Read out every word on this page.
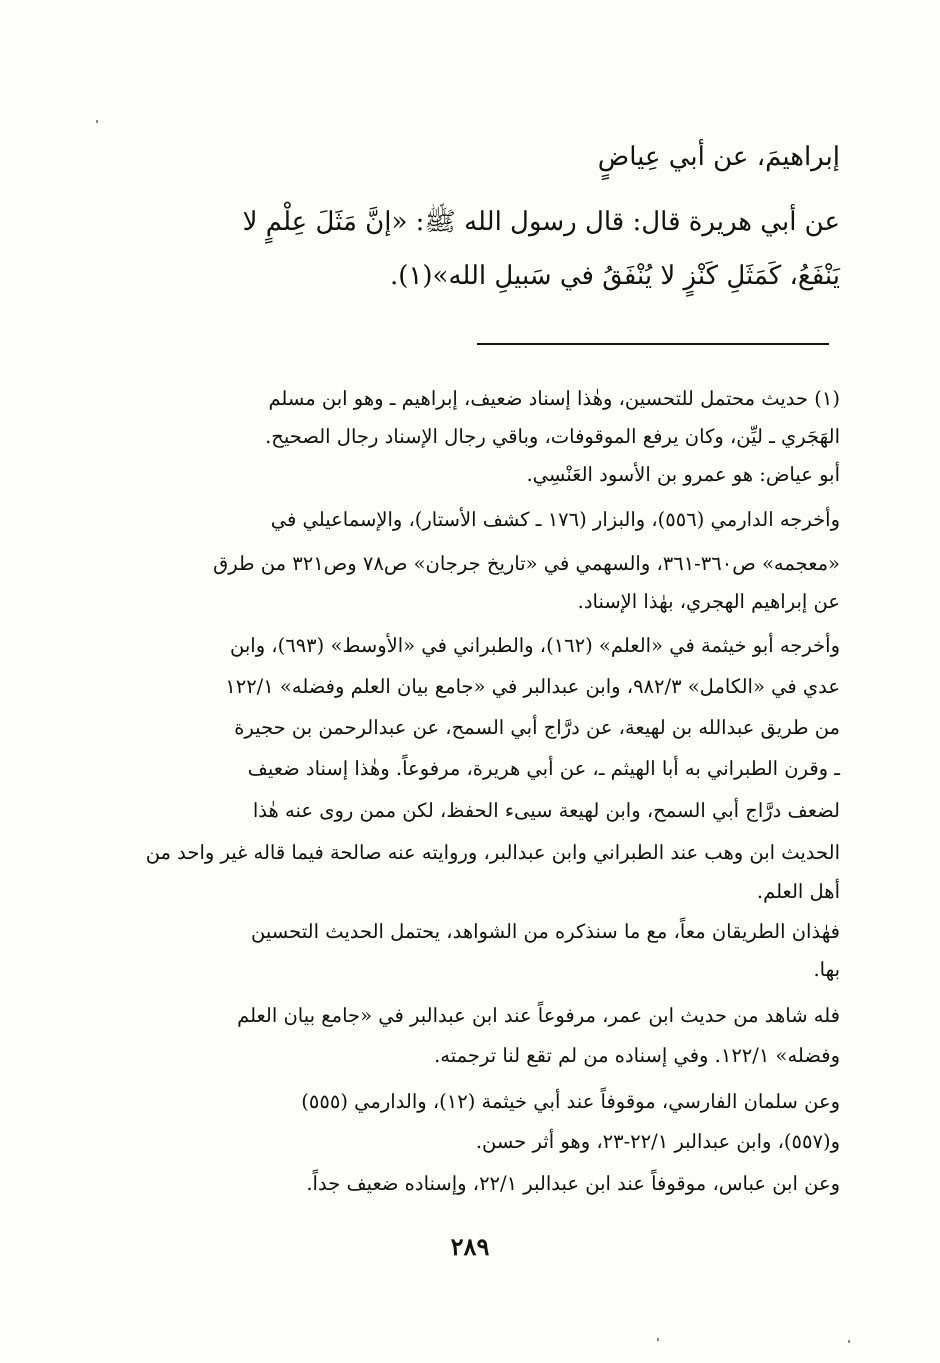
إبراهيمَ، عن أبي عِياضٍ
عن أبي هريرة قال: قال رسول الله ﷺ: «إنَّ مَثَلَ عِلْمٍ لا
يَنْفَعُ، كَمَثَلِ كَنْزٍ لا يُنْفَقُ في سَبيلِ الله»(١).
(١) حديث محتمل للتحسين، وهٰذا إسناد ضعيف، إبراهيم ـ وهو ابن مسلم
الهَجَري ـ ليِّن، وكان يرفع الموقوفات، وباقي رجال الإسناد رجال الصحيح.
أبو عياض: هو عمرو بن الأسود العَنْسِي.
وأخرجه الدارمي (٥٥٦)، والبزار (١٧٦ ـ كشف الأستار)، والإسماعيلي في
«معجمه» ص٣٦٠-٣٦١، والسهمي في «تاريخ جرجان» ص٧٨ وص٣٢١ من طرق
عن إبراهيم الهجري، بهٰذا الإسناد.
وأخرجه أبو خيثمة في «العلم» (١٦٢)، والطبراني في «الأوسط» (٦٩٣)، وابن
عدي في «الكامل» ٩٨٢/٣، وابن عبدالبر في «جامع بيان العلم وفضله» ١٢٢/١
من طريق عبدالله بن لهيعة، عن درَّاج أبي السمح، عن عبدالرحمن بن حجيرة
ـ وقرن الطبراني به أبا الهيثم ـ، عن أبي هريرة، مرفوعاً. وهٰذا إسناد ضعيف
لضعف درَّاج أبي السمح، وابن لهيعة سيىء الحفظ، لكن ممن روى عنه هٰذا
الحديث ابن وهب عند الطبراني وابن عبدالبر، وروايته عنه صالحة فيما قاله غير واحد من
أهل العلم.
فهٰذان الطريقان معاً، مع ما سنذكره من الشواهد، يحتمل الحديث التحسين
بها.
فله شاهد من حديث ابن عمر، مرفوعاً عند ابن عبدالبر في «جامع بيان العلم
وفضله» ١٢٢/١. وفي إسناده من لم تقع لنا ترجمته.
وعن سلمان الفارسي، موقوفاً عند أبي خيثمة (١٢)، والدارمي (٥٥٥)
و(٥٥٧)، وابن عبدالبر ٢٢/١-٢٣، وهو أثر حسن.
وعن ابن عباس، موقوفاً عند ابن عبدالبر ٢٢/١، وإسناده ضعيف جداً.
٢٨٩
